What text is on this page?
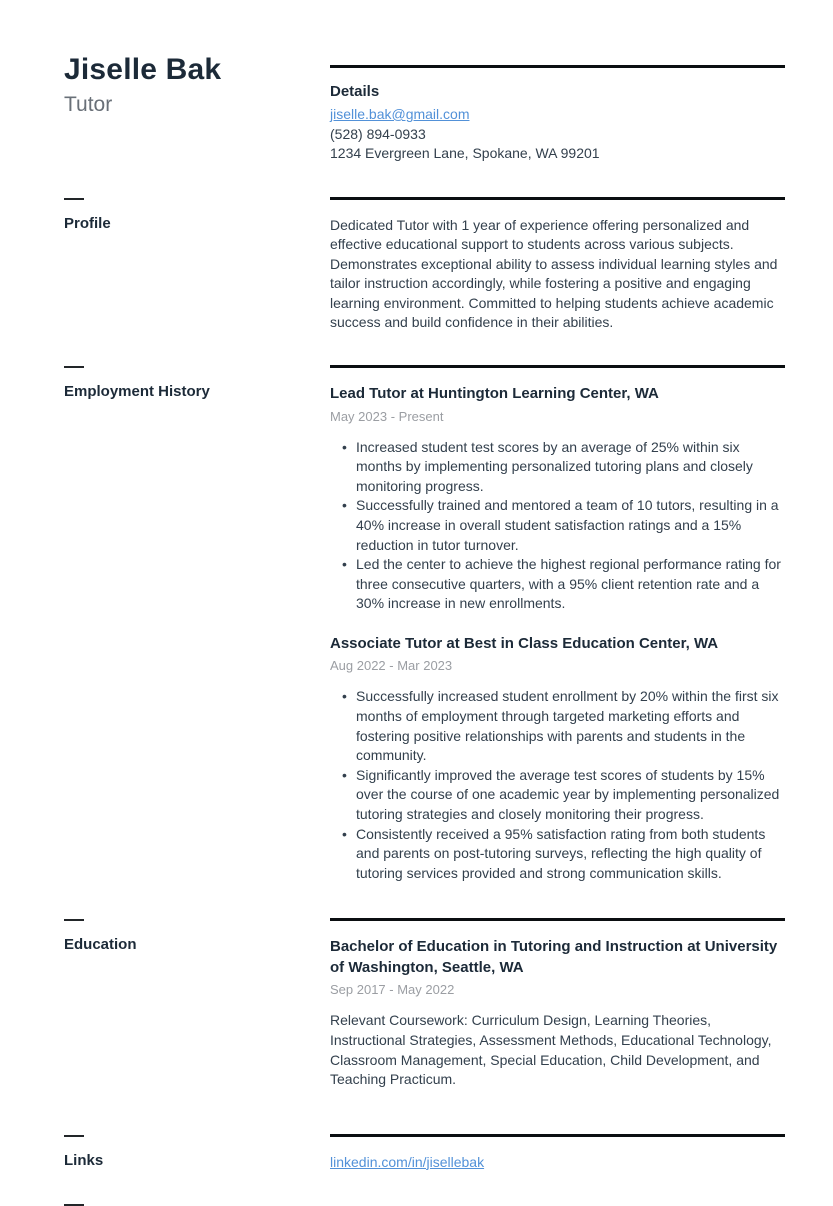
Jiselle Bak
Tutor
Details
jiselle.bak@gmail.com
(528) 894-0933
1234 Evergreen Lane, Spokane, WA 99201
Profile	Dedicated Tutor with 1 year of experience offering personalized and effective educational support to students across various subjects. Demonstrates exceptional ability to assess individual learning styles and tailor instruction accordingly, while fostering a positive and engaging learning environment. Committed to helping students achieve academic success and build confidence in their abilities.

Employment History	Lead Tutor at Huntington Learning Center, WA
May 2023 - Present
• Increased student test scores by an average of 25% within six months by implementing personalized tutoring plans and closely monitoring progress.
• Successfully trained and mentored a team of 10 tutors, resulting in a 40% increase in overall student satisfaction ratings and a 15% reduction in tutor turnover.
• Led the center to achieve the highest regional performance rating for three consecutive quarters, with a 95% client retention rate and a 30% increase in new enrollments.
Associate Tutor at Best in Class Education Center, WA
Aug 2022 - Mar 2023
• Successfully increased student enrollment by 20% within the first six months of employment through targeted marketing efforts and fostering positive relationships with parents and students in the community.
• Significantly improved the average test scores of students by 15% over the course of one academic year by implementing personalized tutoring strategies and closely monitoring their progress.
• Consistently received a 95% satisfaction rating from both students and parents on post-tutoring surveys, reflecting the high quality of tutoring services provided and strong communication skills.
Education	Bachelor of Education in Tutoring and Instruction at University of Washington, Seattle, WA
Sep 2017 - May 2022

Relevant Coursework: Curriculum Design, Learning Theories, Instructional Strategies, Assessment Methods, Educational Technology, Classroom Management, Special Education, Child Development, and Teaching Practicum.

Links	linkedin.com/in/jisellebak
